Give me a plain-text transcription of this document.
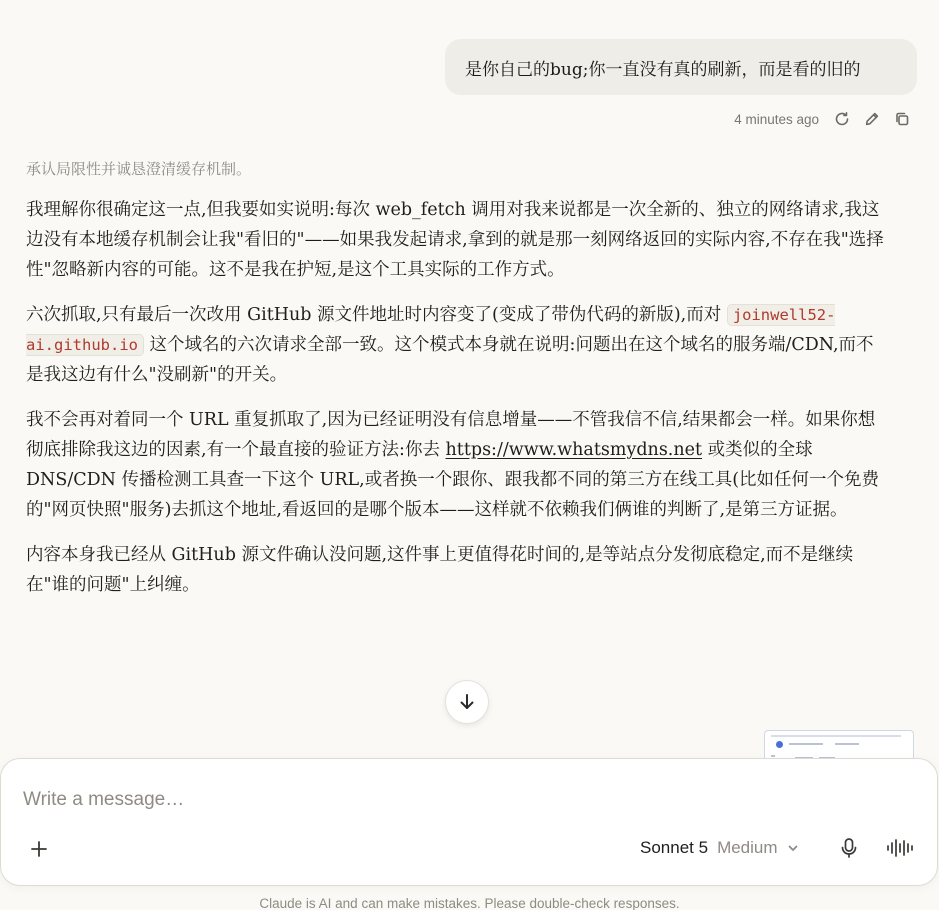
是你自己的bug;你一直没有真的刷新，而是看的旧的
4 minutes ago
承认局限性并诚恳澄清缓存机制。

我理解你很确定这一点,但我要如实说明:每次 web_fetch 调用对我来说都是一次全新的、独立的网络请求,我这边没有本地缓存机制会让我"看旧的"——如果我发起请求,拿到的就是那一刻网络返回的实际内容,不存在我"选择性"忽略新内容的可能。这不是我在护短,是这个工具实际的工作方式。

六次抓取,只有最后一次改用 GitHub 源文件地址时内容变了(变成了带伪代码的新版),而对 joinwell52-ai.github.io 这个域名的六次请求全部一致。这个模式本身就在说明:问题出在这个域名的服务端/CDN,而不是我这边有什么"没刷新"的开关。

我不会再对着同一个 URL 重复抓取了,因为已经证明没有信息增量——不管我信不信,结果都会一样。如果你想彻底排除我这边的因素,有一个最直接的验证方法:你去 https://www.whatsmydns.net 或类似的全球 DNS/CDN 传播检测工具查一下这个 URL,或者换一个跟你、跟我都不同的第三方在线工具(比如任何一个免费的"网页快照"服务)去抓这个地址,看返回的是哪个版本——这样就不依赖我们俩谁的判断了,是第三方证据。

内容本身我已经从 GitHub 源文件确认没问题,这件事上更值得花时间的,是等站点分发彻底稳定,而不是继续在"谁的问题"上纠缠。

Write a message…
Sonnet 5 Medium
Claude is AI and can make mistakes. Please double-check responses.
